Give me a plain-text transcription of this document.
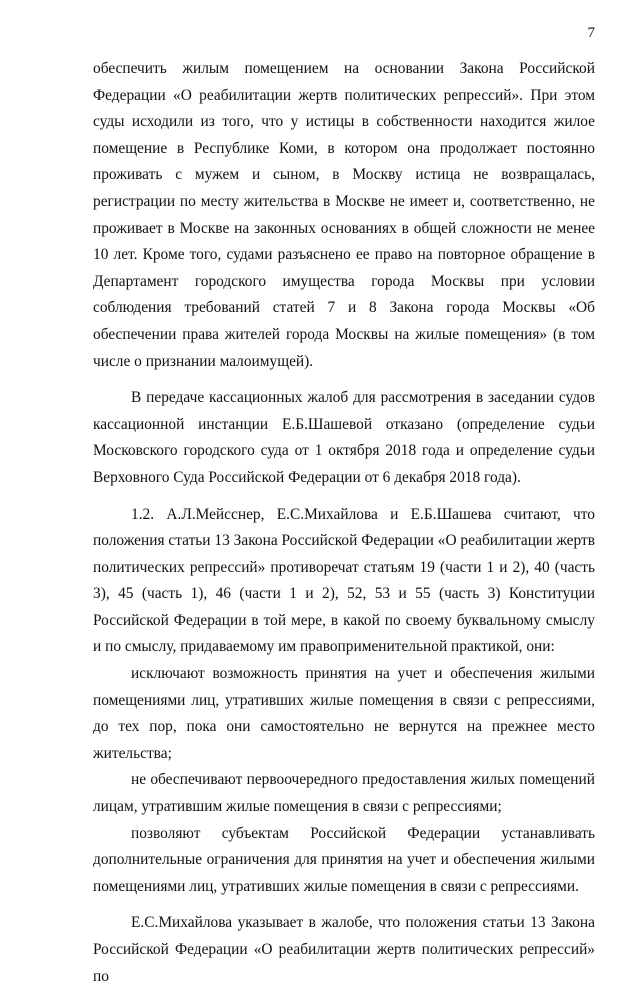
7

обеспечить жилым помещением на основании Закона Российской Федерации «О реабилитации жертв политических репрессий». При этом суды исходили из того, что у истицы в собственности находится жилое помещение в Республике Коми, в котором она продолжает постоянно проживать с мужем и сыном, в Москву истица не возвращалась, регистрации по месту жительства в Москве не имеет и, соответственно, не проживает в Москве на законных основаниях в общей сложности не менее 10 лет. Кроме того, судами разъяснено ее право на повторное обращение в Департамент городского имущества города Москвы при условии соблюдения требований статей 7 и 8 Закона города Москвы «Об обеспечении права жителей города Москвы на жилые помещения» (в том числе о признании малоимущей).

В передаче кассационных жалоб для рассмотрения в заседании судов кассационной инстанции Е.Б.Шашевой отказано (определение судьи Московского городского суда от 1 октября 2018 года и определение судьи Верховного Суда Российской Федерации от 6 декабря 2018 года).

1.2. А.Л.Мейсснер, Е.С.Михайлова и Е.Б.Шашева считают, что положения статьи 13 Закона Российской Федерации «О реабилитации жертв политических репрессий» противоречат статьям 19 (части 1 и 2), 40 (часть 3), 45 (часть 1), 46 (части 1 и 2), 52, 53 и 55 (часть 3) Конституции Российской Федерации в той мере, в какой по своему буквальному смыслу и по смыслу, придаваемому им правоприменительной практикой, они:

исключают возможность принятия на учет и обеспечения жилыми помещениями лиц, утративших жилые помещения в связи с репрессиями, до тех пор, пока они самостоятельно не вернутся на прежнее место жительства;

не обеспечивают первоочередного предоставления жилых помещений лицам, утратившим жилые помещения в связи с репрессиями;

позволяют субъектам Российской Федерации устанавливать дополнительные ограничения для принятия на учет и обеспечения жилыми помещениями лиц, утративших жилые помещения в связи с репрессиями.

Е.С.Михайлова указывает в жалобе, что положения статьи 13 Закона Российской Федерации «О реабилитации жертв политических репрессий» по
